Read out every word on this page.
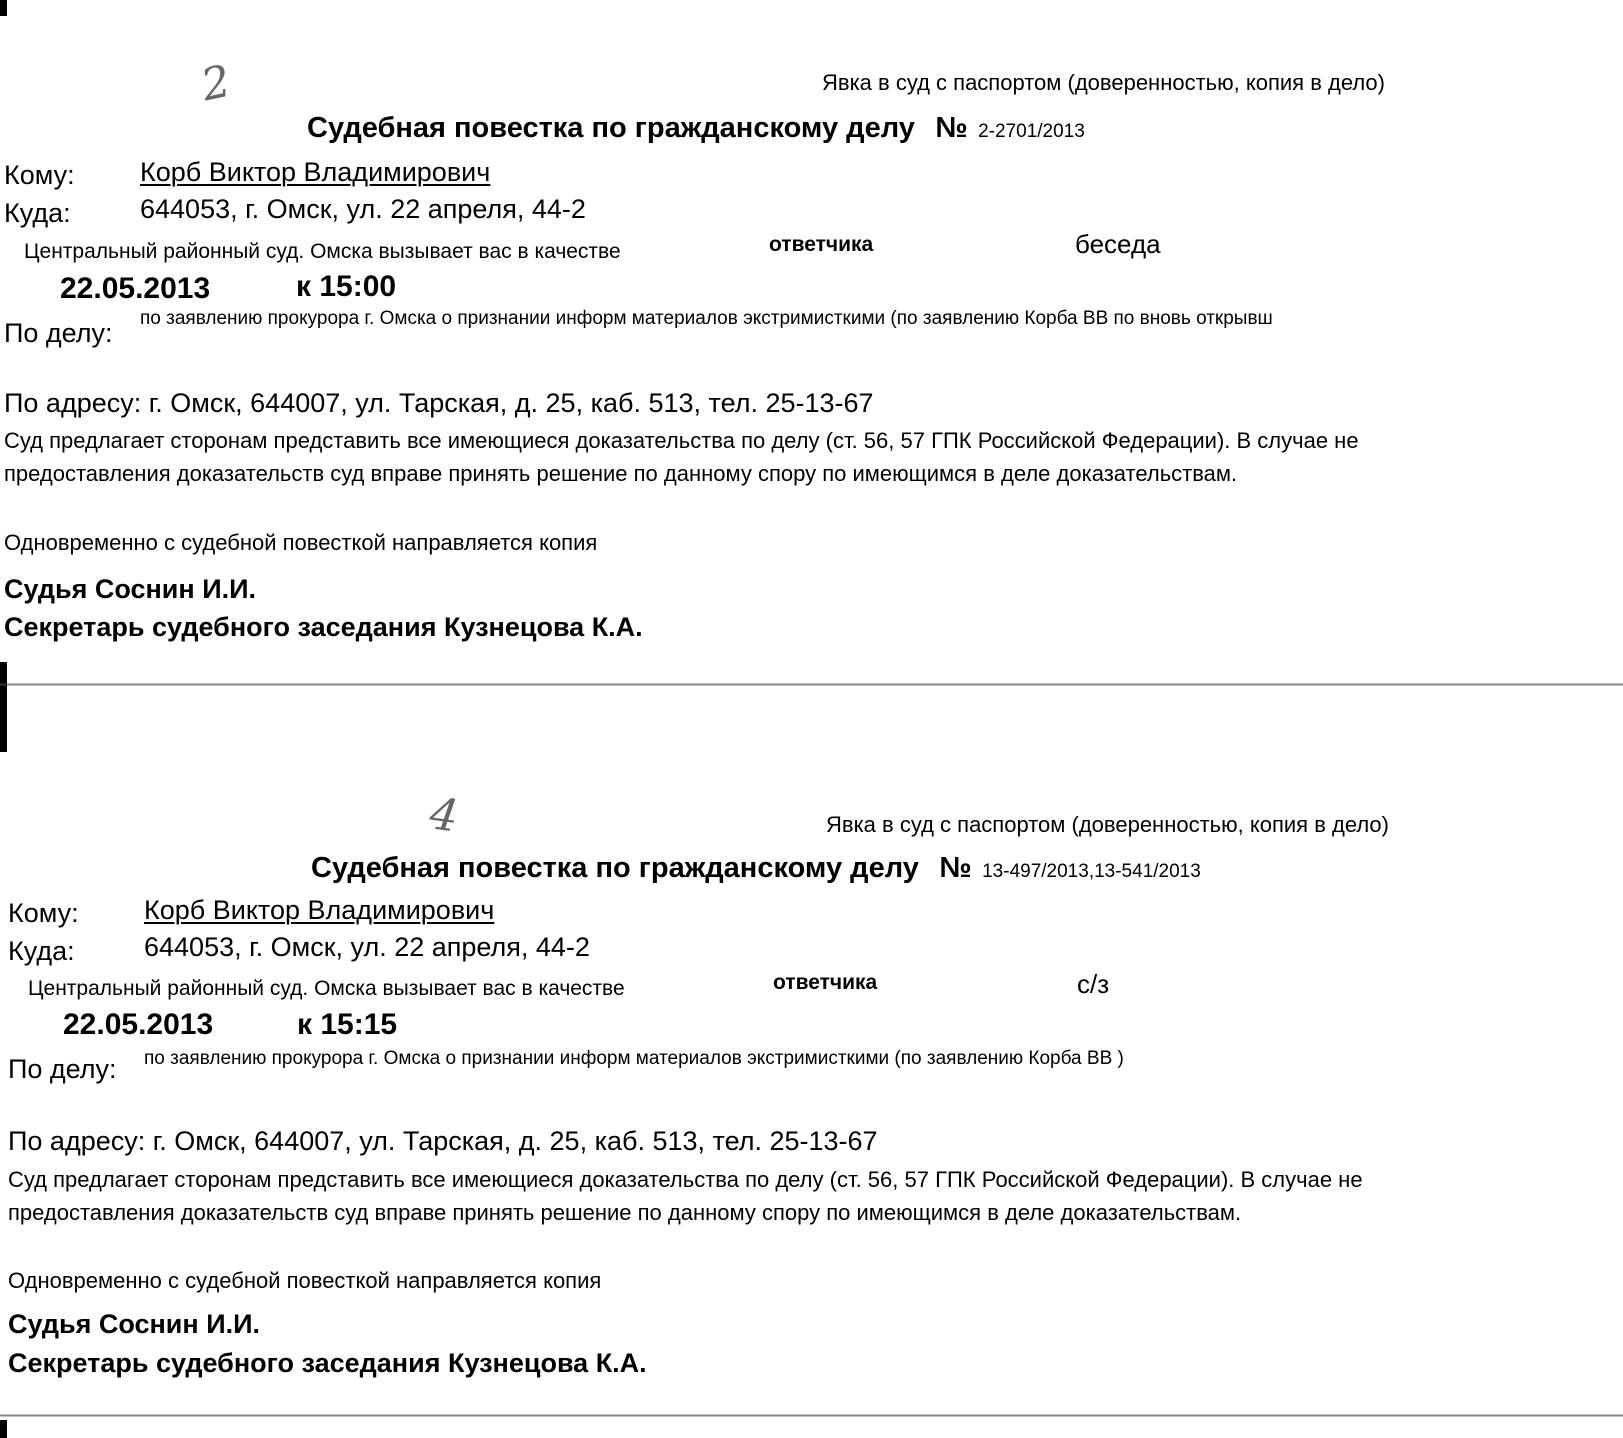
2	Явка в суд с паспортом (доверенностью, копия в дело)
Судебная повестка по гражданскому делу № 2-2701/2013
Кому: Корб Виктор Владимирович
Куда:	644053, г. Омск, ул. 22 апреля, 44-2
Центральный районный суд. Омска вызывает вас в качестве	ответчика	беседа
22.05.2013	к 15:00
По делу: по заявлению прокурора г. Омска о признании информ материалов экстримисткими (по заявлению Корба ВВ по вновь открывш
По адресу: г. Омск, 644007, ул. Тарская, д. 25, каб. 513, тел. 25-13-67
Суд предлагает сторонам представить все имеющиеся доказательства по делу (ст. 56, 57 ГПК Российской Федерации). В случае не предоставления доказательств суд вправе принять решение по данному спору по имеющимся в деле доказательствам.
Одновременно с судебной повесткой направляется копия
Судья Соснин И.И.
Секретарь судебного заседания Кузнецова К.А.
4	Явка в суд с паспортом (доверенностью, копия в дело)
Судебная повестка по гражданскому делу № 13-497/2013,13-541/2013
Кому: Корб Виктор Владимирович
Куда:	644053, г. Омск, ул. 22 апреля, 44-2
Центральный районный суд. Омска вызывает вас в качестве	ответчика	с/з
22.05.2013	к 15:15
По делу: по заявлению прокурора г. Омска о признании информ материалов экстримисткими (по заявлению Корба ВВ )
По адресу: г. Омск, 644007, ул. Тарская, д. 25, каб. 513, тел. 25-13-67
Суд предлагает сторонам представить все имеющиеся доказательства по делу (ст. 56, 57 ГПК Российской Федерации). В случае не предоставления доказательств суд вправе принять решение по данному спору по имеющимся в деле доказательствам.
Одновременно с судебной повесткой направляется копия
Судья Соснин И.И.
Секретарь судебного заседания Кузнецова К.А.
